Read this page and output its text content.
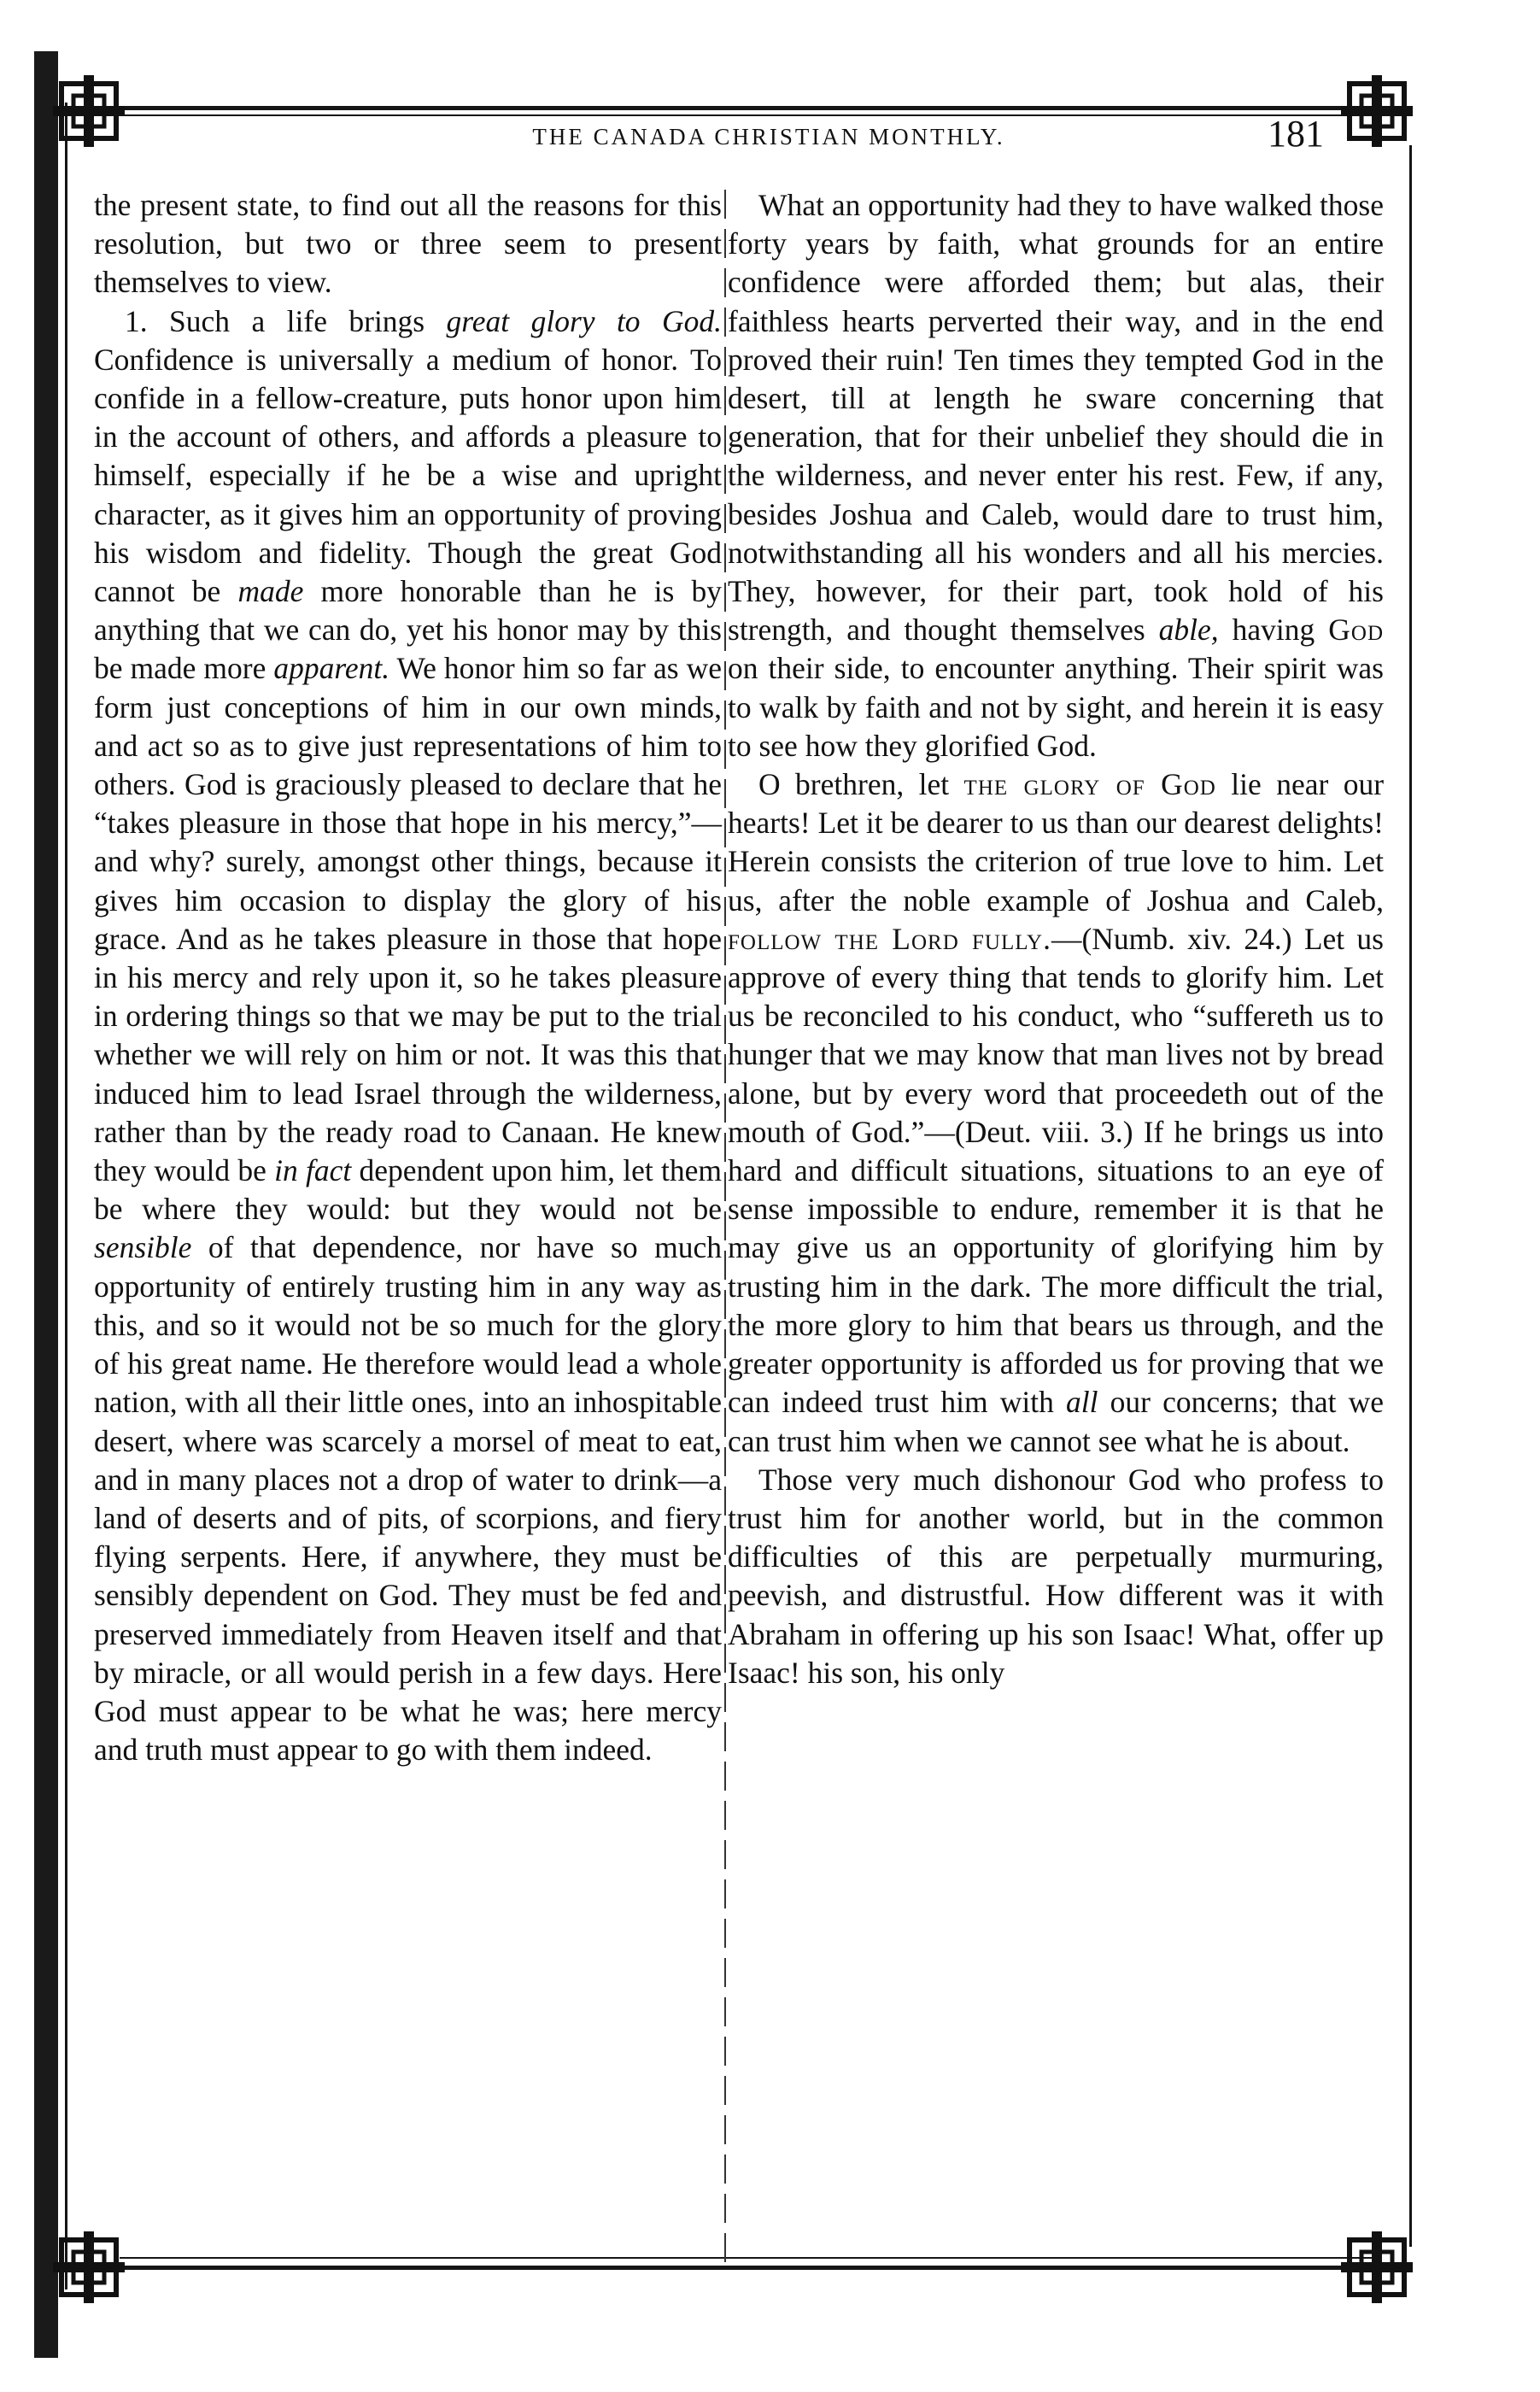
THE CANADA CHRISTIAN MONTHLY.	181

the present state, to find out all the reasons for this resolution, but two or three seem to present themselves to view.

1. Such a life brings great glory to God. Confidence is universally a medium of honor. To confide in a fellow-creature, puts honor upon him in the account of others, and affords a pleasure to himself, especially if he be a wise and upright character, as it gives him an opportunity of proving his wisdom and fidelity. Though the great God cannot be made more honorable than he is by anything that we can do, yet his honor may by this be made more apparent. We honor him so far as we form just conceptions of him in our own minds, and act so as to give just representations of him to others. God is graciously pleased to declare that he “takes pleasure in those that hope in his mercy,”—and why? surely, amongst other things, because it gives him occasion to display the glory of his grace. And as he takes pleasure in those that hope in his mercy and rely upon it, so he takes pleasure in ordering things so that we may be put to the trial whether we will rely on him or not. It was this that induced him to lead Israel through the wilderness, rather than by the ready road to Canaan. He knew they would be in fact dependent upon him, let them be where they would: but they would not be sensible of that dependence, nor have so much opportunity of entirely trusting him in any way as this, and so it would not be so much for the glory of his great name. He therefore would lead a whole nation, with all their little ones, into an inhospitable desert, where was scarcely a morsel of meat to eat, and in many places not a drop of water to drink—a land of deserts and of pits, of scorpions, and fiery flying serpents. Here, if anywhere, they must be sensibly dependent on God. They must be fed and preserved immediately from Heaven itself and that by miracle, or all would perish in a few days. Here God must appear to be what he was; here mercy and truth must appear to go with them indeed.

What an opportunity had they to have walked those forty years by faith, what grounds for an entire confidence were afforded them; but alas, their faithless hearts perverted their way, and in the end proved their ruin! Ten times they tempted God in the desert, till at length he sware concerning that generation, that for their unbelief they should die in the wilderness, and never enter his rest. Few, if any, besides Joshua and Caleb, would dare to trust him, notwithstanding all his wonders and all his mercies. They, however, for their part, took hold of his strength, and thought themselves able, having God on their side, to encounter anything. Their spirit was to walk by faith and not by sight, and herein it is easy to see how they glorified God.

O brethren, let the glory of God lie near our hearts! Let it be dearer to us than our dearest delights! Herein consists the criterion of true love to him. Let us, after the noble example of Joshua and Caleb, follow the Lord fully.—(Numb. xiv. 24.) Let us approve of every thing that tends to glorify him. Let us be reconciled to his conduct, who “suffereth us to hunger that we may know that man lives not by bread alone, but by every word that proceedeth out of the mouth of God.”—(Deut. viii. 3.) If he brings us into hard and difficult situations, situations to an eye of sense impossible to endure, remember it is that he may give us an opportunity of glorifying him by trusting him in the dark. The more difficult the trial, the more glory to him that bears us through, and the greater opportunity is afforded us for proving that we can indeed trust him with all our concerns; that we can trust him when we cannot see what he is about.

Those very much dishonour God who profess to trust him for another world, but in the common difficulties of this are perpetually murmuring, peevish, and distrustful. How different was it with Abraham in offering up his son Isaac! What, offer up Isaac! his son, his only
